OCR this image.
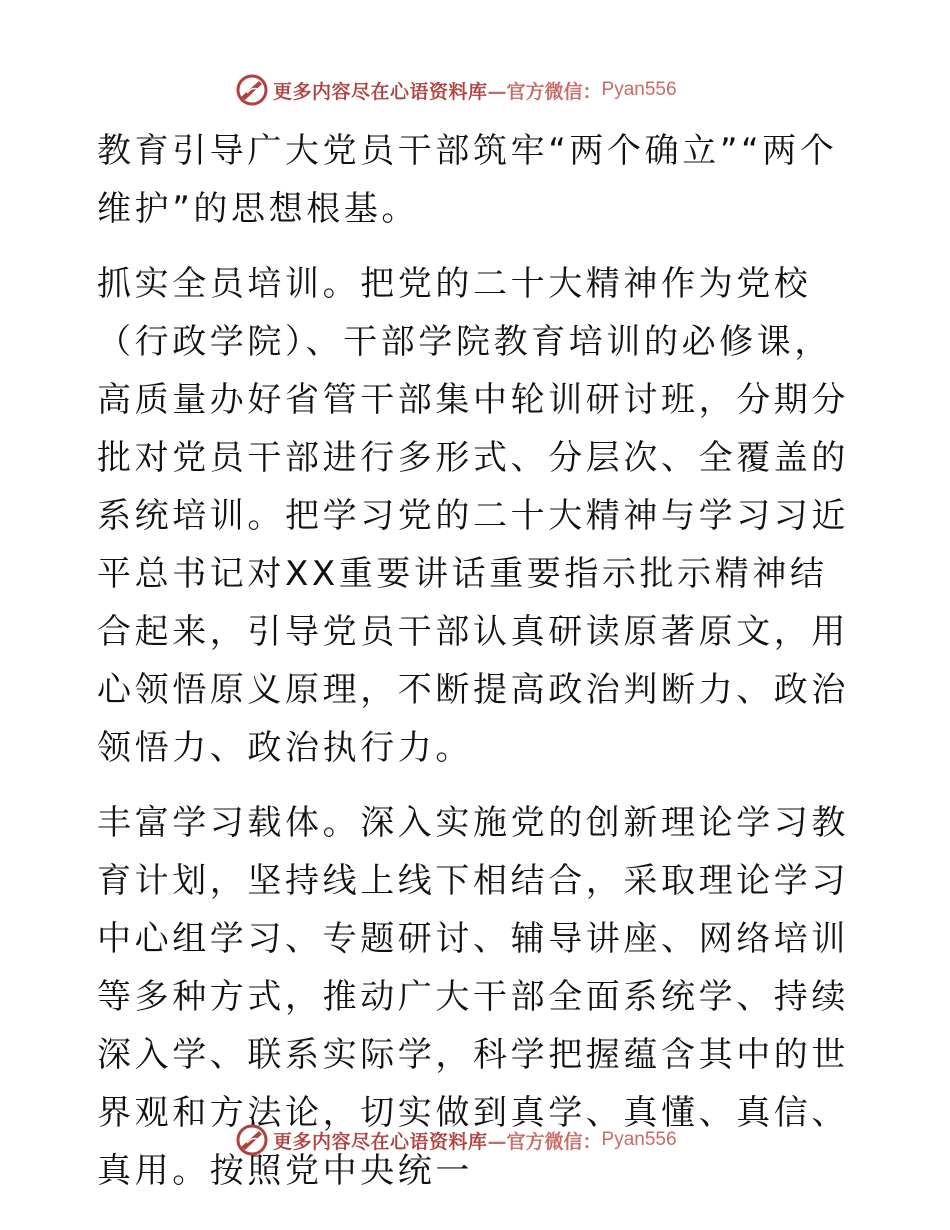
更多内容尽在心语资料库 —官方微信： Pyan556

教育引导广大党员干部筑牢“两个确立”“两个维护”的思想根基。

抓实全员培训。把党的二十大精神作为党校（行政学院）、干部学院教育培训的必修课，高质量办好省管干部集中轮训研讨班，分期分批对党员干部进行多形式、分层次、全覆盖的系统培训。把学习党的二十大精神与学习习近平总书记对XX重要讲话重要指示批示精神结合起来，引导党员干部认真研读原著原文，用心领悟原义原理，不断提高政治判断力、政治领悟力、政治执行力。

丰富学习载体。深入实施党的创新理论学习教育计划，坚持线上线下相结合，采取理论学习中心组学习、专题研讨、辅导讲座、网络培训等多种方式，推动广大干部全面系统学、持续深入学、联系实际学，科学把握蕴含其中的世界观和方法论，切实做到真学、真懂、真信、真用。按照党中央统一

更多内容尽在心语资料库 —官方微信： Pyan556
